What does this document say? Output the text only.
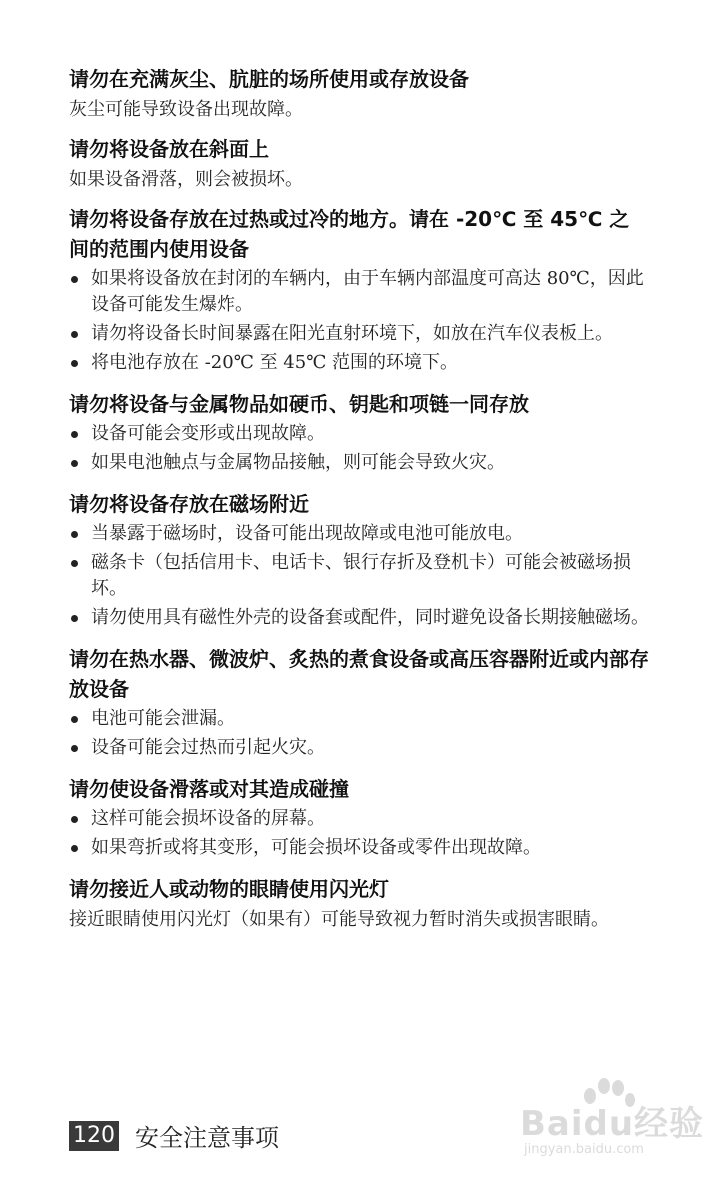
请勿在充满灰尘、肮脏的场所使用或存放设备

灰尘可能导致设备出现故障。

请勿将设备放在斜面上

如果设备滑落，则会被损坏。

请勿将设备存放在过热或过冷的地方。请在 -20℃ 至 45℃ 之间的范围内使用设备
如果将设备放在封闭的车辆内，由于车辆内部温度可高达 80℃，因此设备可能发生爆炸。
请勿将设备长时间暴露在阳光直射环境下，如放在汽车仪表板上。
将电池存放在 -20℃ 至 45℃ 范围的环境下。
请勿将设备与金属物品如硬币、钥匙和项链一同存放
设备可能会变形或出现故障。
如果电池触点与金属物品接触，则可能会导致火灾。
请勿将设备存放在磁场附近
当暴露于磁场时，设备可能出现故障或电池可能放电。
磁条卡（包括信用卡、电话卡、银行存折及登机卡）可能会被磁场损坏。
请勿使用具有磁性外壳的设备套或配件，同时避免设备长期接触磁场。
请勿在热水器、微波炉、炙热的煮食设备或高压容器附近或内部存放设备
电池可能会泄漏。
设备可能会过热而引起火灾。
请勿使设备滑落或对其造成碰撞
这样可能会损坏设备的屏幕。
如果弯折或将其变形，可能会损坏设备或零件出现故障。
请勿接近人或动物的眼睛使用闪光灯

接近眼睛使用闪光灯（如果有）可能导致视力暂时消失或损害眼睛。

120 安全注意事项	Baidu经验
jingyan.baidu.com
